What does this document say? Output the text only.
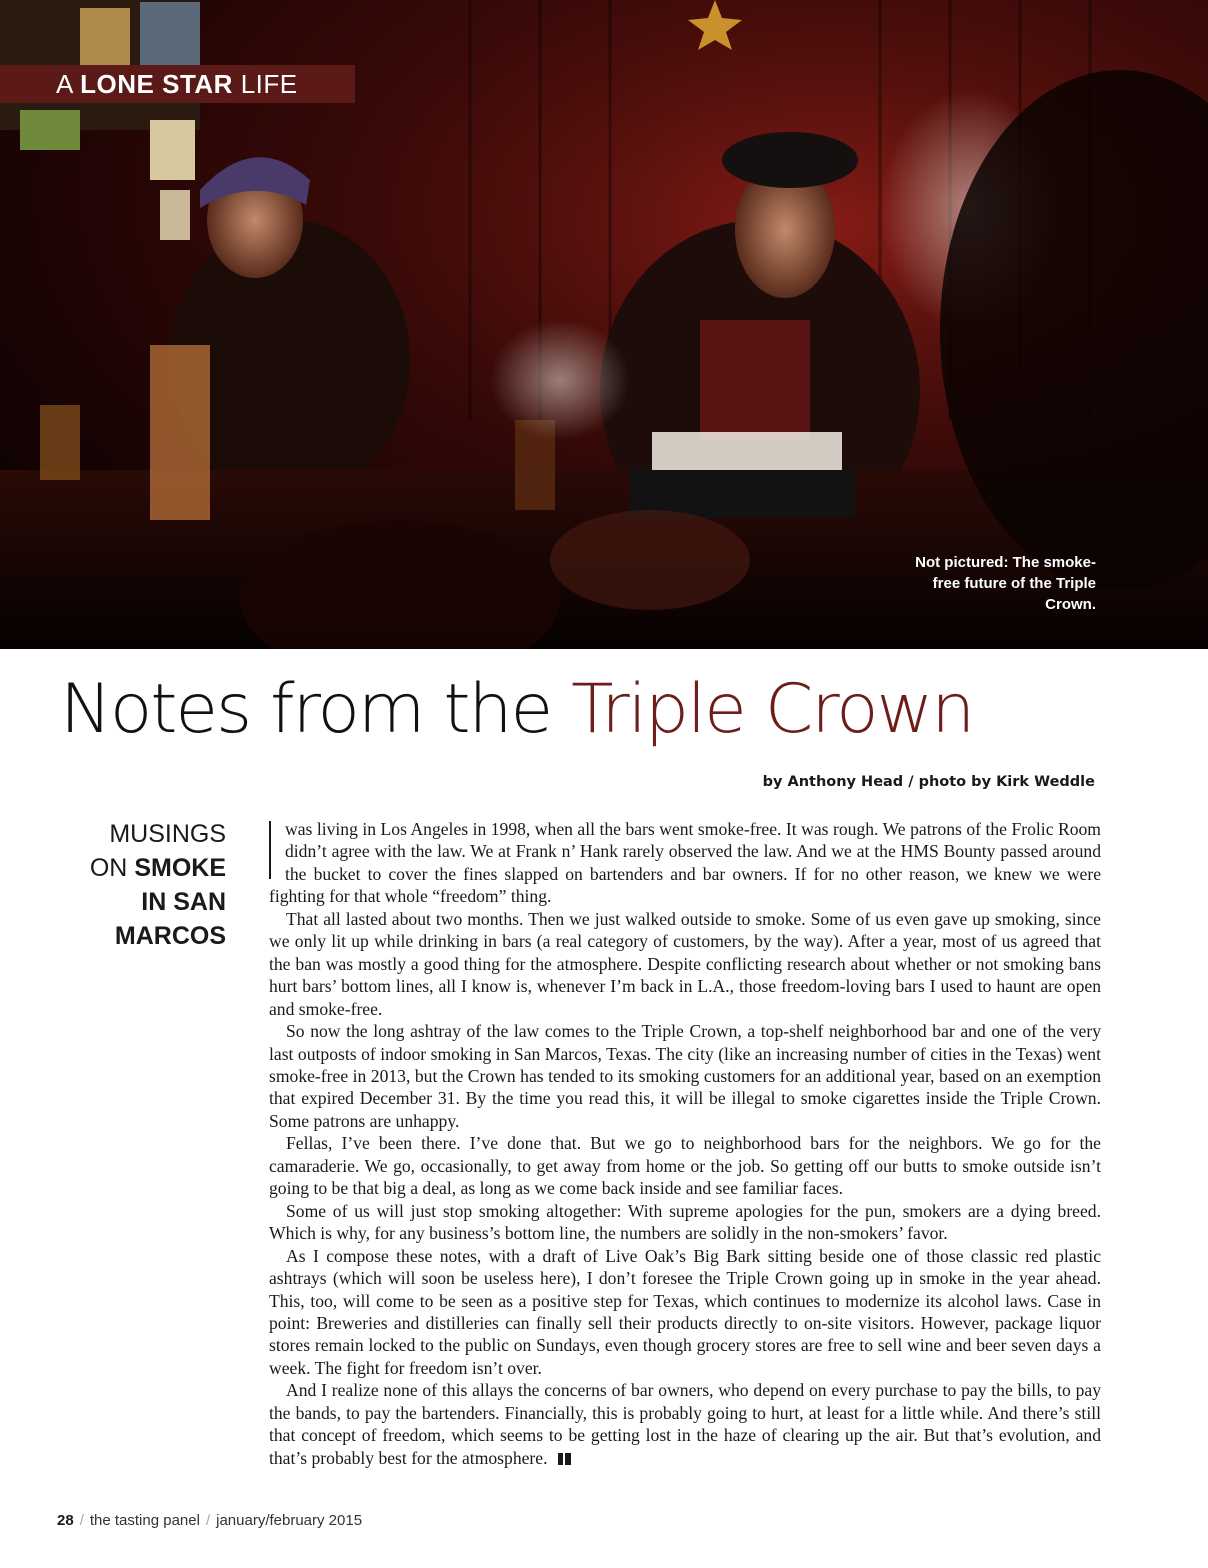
A LONE STAR LIFE
Not pictured: The smoke-free future of the Triple Crown.
Notes from the Triple Crown
by Anthony Head / photo by Kirk Weddle
MUSINGS
ON SMOKE
IN SAN
MARCOS

was living in Los Angeles in 1998, when all the bars went smoke-free. It was rough. We patrons of the Frolic Room didn’t agree with the law. We at Frank n’ Hank rarely observed the law. And we at the HMS Bounty passed around the bucket to cover the fines slapped on bartenders and bar owners. If for no other reason, we knew we were fighting for that whole “freedom” thing.

That all lasted about two months. Then we just walked outside to smoke. Some of us even gave up smoking, since we only lit up while drinking in bars (a real category of customers, by the way). After a year, most of us agreed that the ban was mostly a good thing for the atmosphere. Despite conflicting research about whether or not smoking bans hurt bars’ bottom lines, all I know is, whenever I’m back in L.A., those freedom-loving bars I used to haunt are open and smoke-free.

So now the long ashtray of the law comes to the Triple Crown, a top-shelf neighborhood bar and one of the very last outposts of indoor smoking in San Marcos, Texas. The city (like an increasing number of cities in the Texas) went smoke-free in 2013, but the Crown has tended to its smoking customers for an additional year, based on an exemption that expired December 31. By the time you read this, it will be illegal to smoke cigarettes inside the Triple Crown. Some patrons are unhappy.

Fellas, I’ve been there. I’ve done that. But we go to neighborhood bars for the neighbors. We go for the camaraderie. We go, occasionally, to get away from home or the job. So getting off our butts to smoke outside isn’t going to be that big a deal, as long as we come back inside and see familiar faces.

Some of us will just stop smoking altogether: With supreme apologies for the pun, smokers are a dying breed. Which is why, for any business’s bottom line, the numbers are solidly in the non-smokers’ favor.

As I compose these notes, with a draft of Live Oak’s Big Bark sitting beside one of those classic red plastic ashtrays (which will soon be useless here), I don’t foresee the Triple Crown going up in smoke in the year ahead. This, too, will come to be seen as a positive step for Texas, which continues to modernize its alcohol laws. Case in point: Breweries and distilleries can finally sell their products directly to on-site visitors. However, package liquor stores remain locked to the public on Sundays, even though grocery stores are free to sell wine and beer seven days a week. The fight for freedom isn’t over.

And I realize none of this allays the concerns of bar owners, who depend on every purchase to pay the bills, to pay the bands, to pay the bartenders. Financially, this is probably going to hurt, at least for a little while. And there’s still that concept of freedom, which seems to be getting lost in the haze of clearing up the air. But that’s evolution, and that’s probably best for the atmosphere.

28 / the tasting panel / january/february 2015
